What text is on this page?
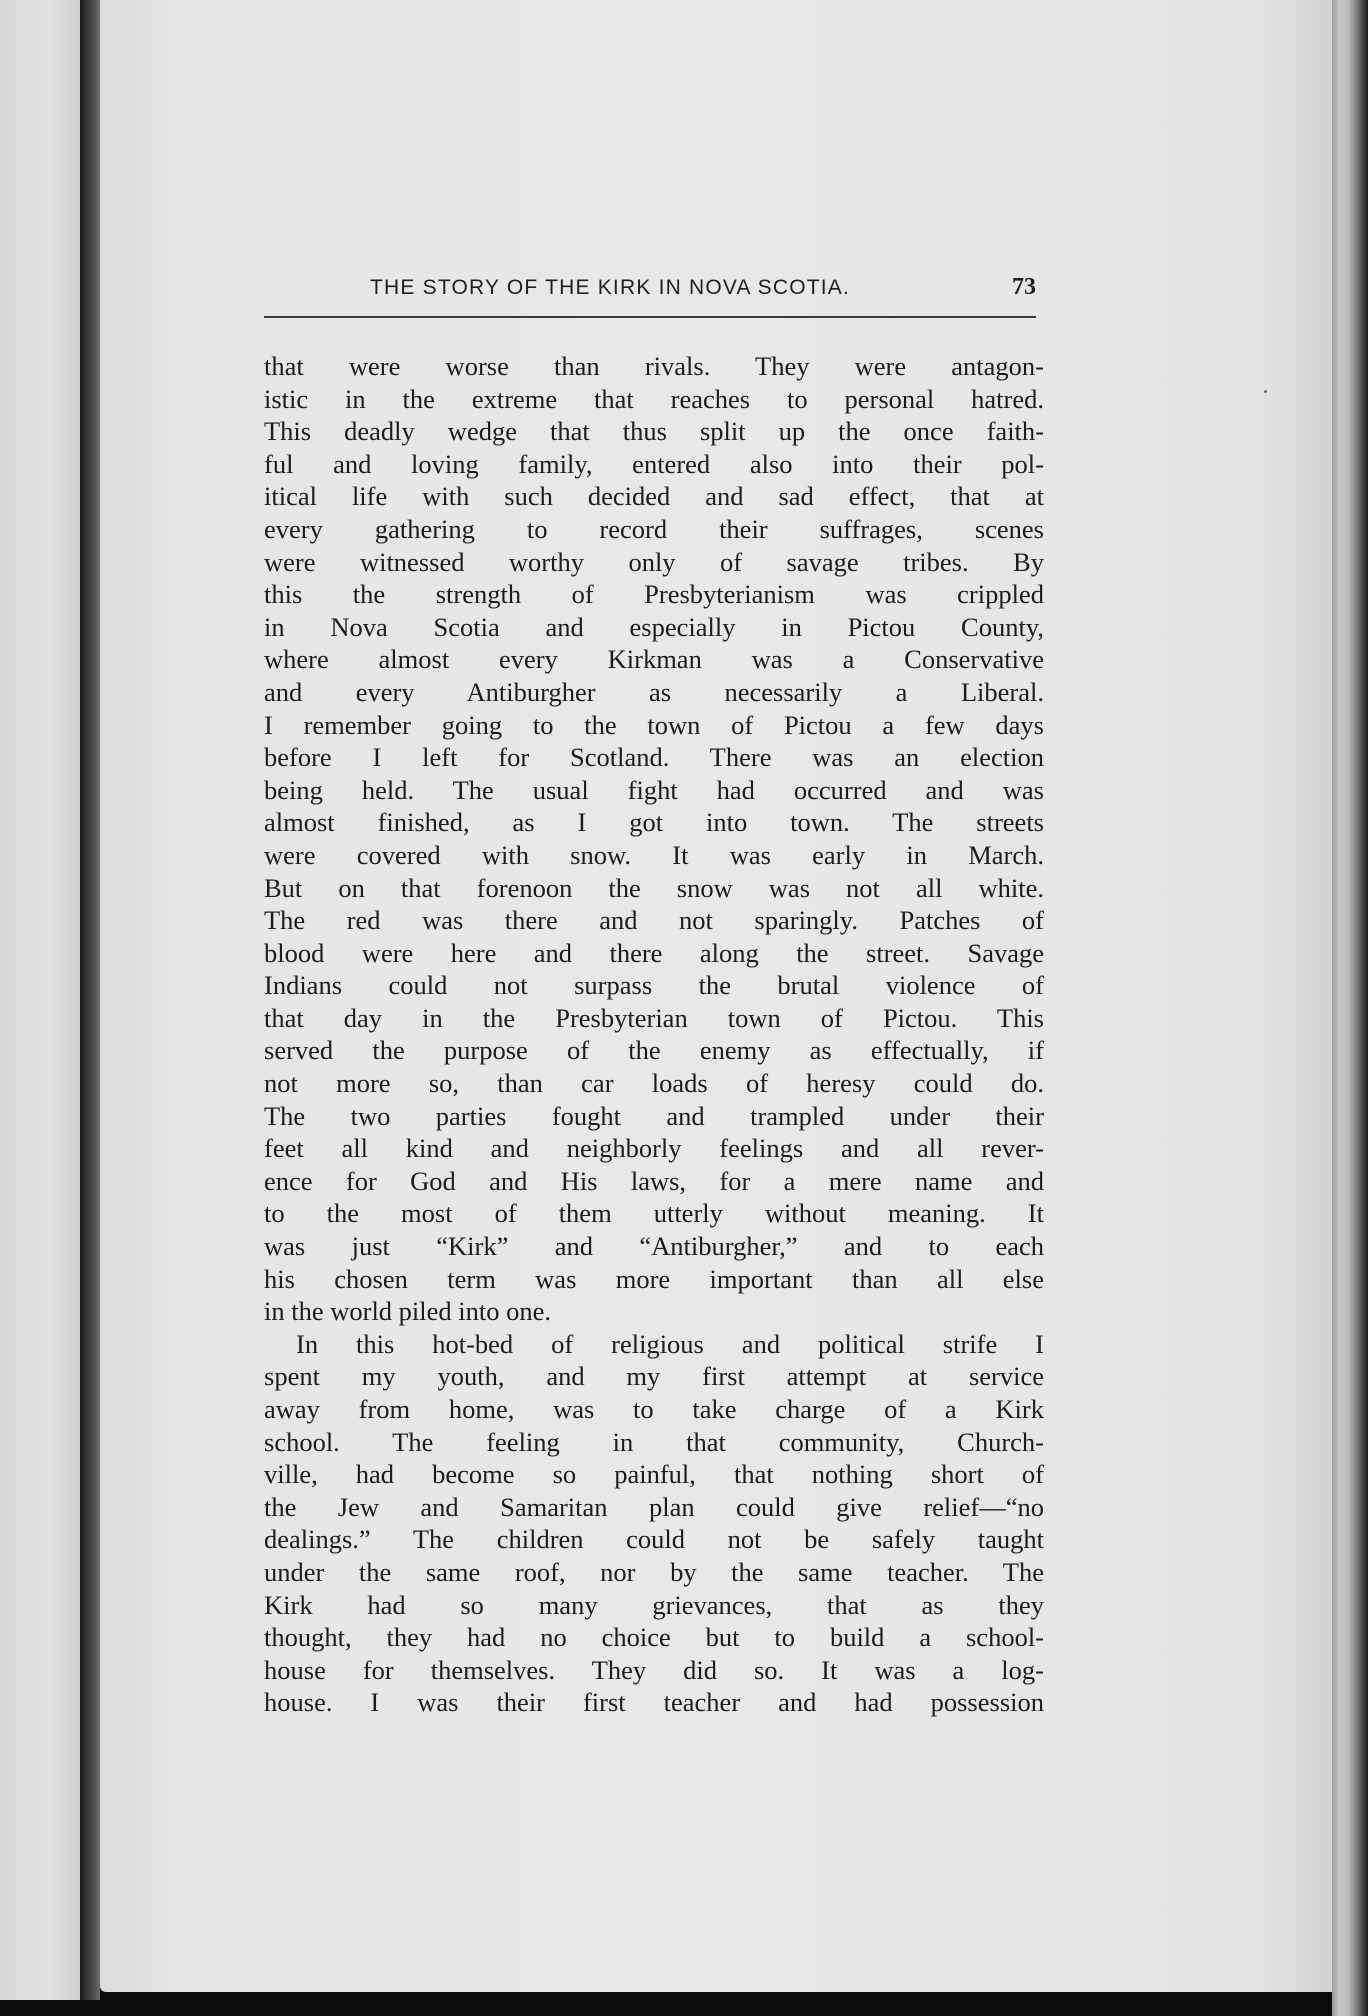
THE STORY OF THE KIRK IN NOVA SCOTIA.	73
that were worse than rivals. They were antagon-
istic in the extreme that reaches to personal hatred.
This deadly wedge that thus split up the once faith-
ful and loving family, entered also into their pol-
itical life with such decided and sad effect, that at
every gathering to record their suffrages, scenes
were witnessed worthy only of savage tribes. By
this the strength of Presbyterianism was crippled
in Nova Scotia and especially in Pictou County,
where almost every Kirkman was a Conservative
and every Antiburgher as necessarily a Liberal.
I remember going to the town of Pictou a few days
before I left for Scotland. There was an election
being held. The usual fight had occurred and was
almost finished, as I got into town. The streets
were covered with snow. It was early in March.
But on that forenoon the snow was not all white.
The red was there and not sparingly. Patches of
blood were here and there along the street. Savage
Indians could not surpass the brutal violence of
that day in the Presbyterian town of Pictou. This
served the purpose of the enemy as effectually, if
not more so, than car loads of heresy could do.
The two parties fought and trampled under their
feet all kind and neighborly feelings and all rever-
ence for God and His laws, for a mere name and
to the most of them utterly without meaning. It
was just “Kirk” and “Antiburgher,” and to each
his chosen term was more important than all else
in the world piled into one.
In this hot-bed of religious and political strife I
spent my youth, and my first attempt at service
away from home, was to take charge of a Kirk
school. The feeling in that community, Church-
ville, had become so painful, that nothing short of
the Jew and Samaritan plan could give relief—“no
dealings.” The children could not be safely taught
under the same roof, nor by the same teacher. The
Kirk had so many grievances, that as they
thought, they had no choice but to build a school-
house for themselves. They did so. It was a log-
house. I was their first teacher and had possession
